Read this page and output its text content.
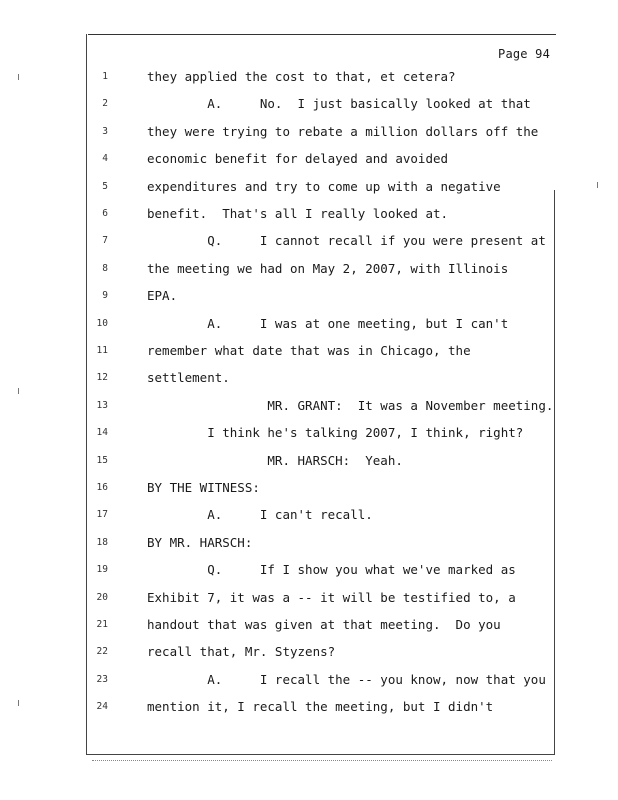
Page 94
1	they applied the cost to that, et cetera?
2	A.     No.  I just basically looked at that
3	they were trying to rebate a million dollars off the
4	economic benefit for delayed and avoided
5	expenditures and try to come up with a negative
6	benefit.  That's all I really looked at.
7	Q.     I cannot recall if you were present at
8	the meeting we had on May 2, 2007, with Illinois
9	EPA.
10	A.     I was at one meeting, but I can't
11	remember what date that was in Chicago, the
12	settlement.
13	MR. GRANT:  It was a November meeting.
14	I think he's talking 2007, I think, right?
15	MR. HARSCH:  Yeah.
16	BY THE WITNESS:
17	A.     I can't recall.
18	BY MR. HARSCH:
19	Q.     If I show you what we've marked as
20	Exhibit 7, it was a -- it will be testified to, a
21	handout that was given at that meeting.  Do you
22	recall that, Mr. Styzens?
23	A.     I recall the -- you know, now that you
24	mention it, I recall the meeting, but I didn't
